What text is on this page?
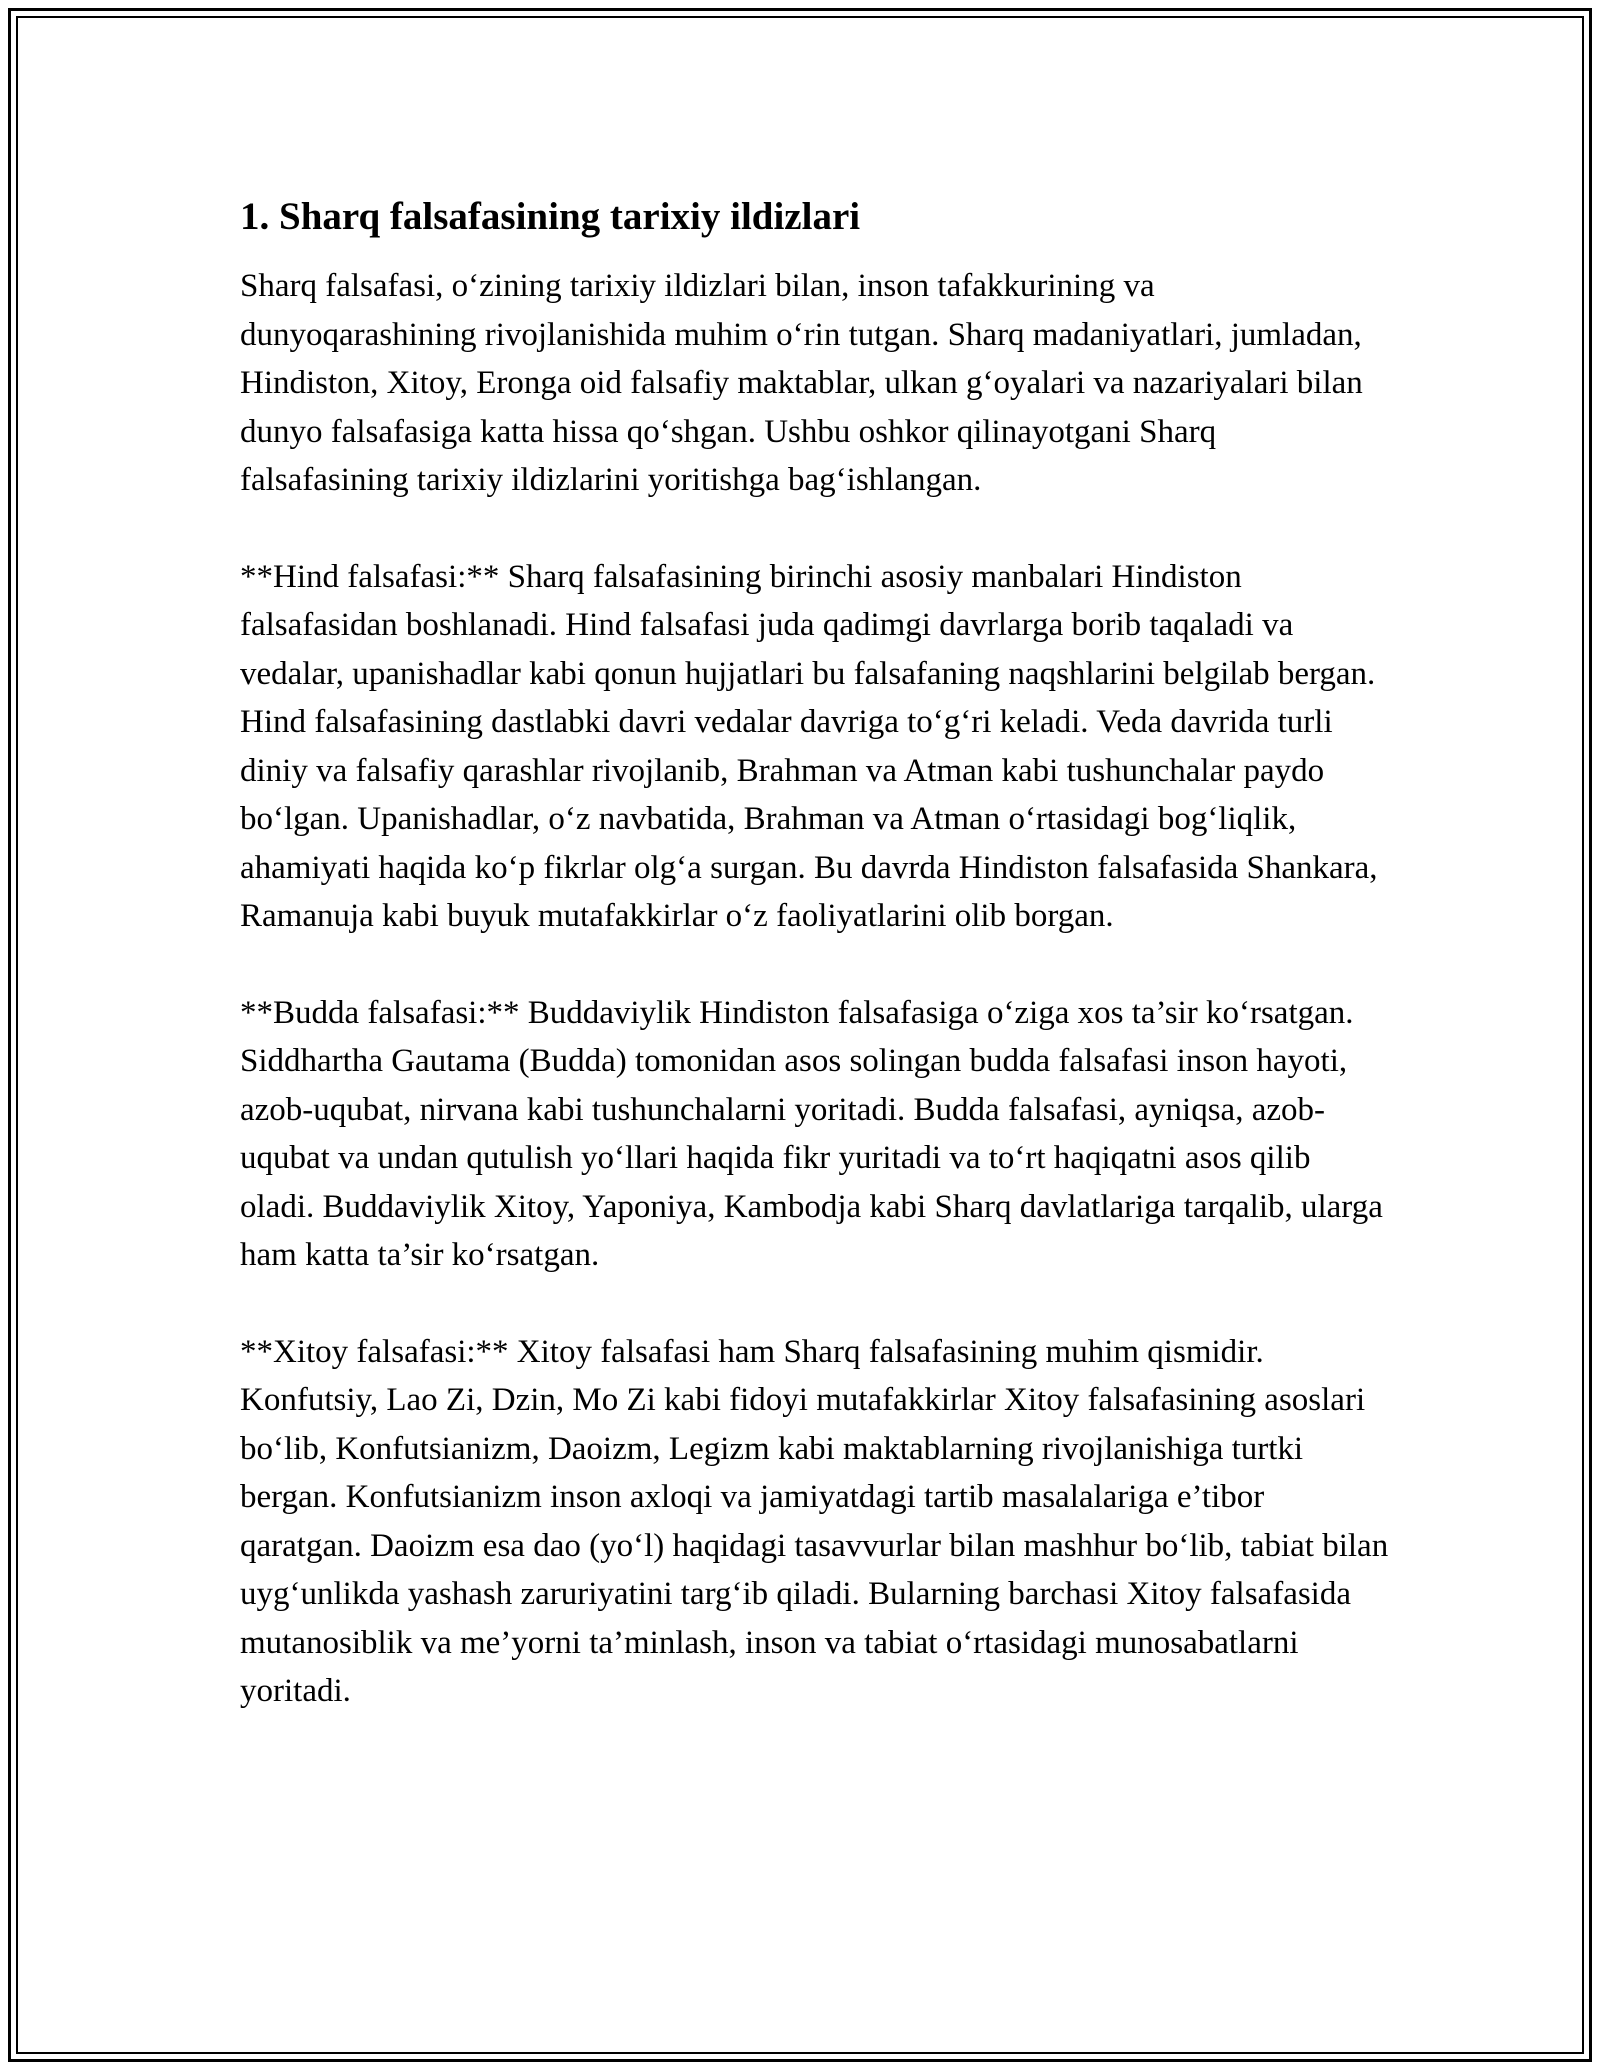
1. Sharq falsafasining tarixiy ildizlari

Sharq falsafasi, o‘zining tarixiy ildizlari bilan, inson tafakkurining va dunyoqarashining rivojlanishida muhim o‘rin tutgan. Sharq madaniyatlari, jumladan, Hindiston, Xitoy, Eronga oid falsafiy maktablar, ulkan g‘oyalari va nazariyalari bilan dunyo falsafasiga katta hissa qo‘shgan. Ushbu oshkor qilinayotgani Sharq falsafasining tarixiy ildizlarini yoritishga bag‘ishlangan.

**Hind falsafasi:** Sharq falsafasining birinchi asosiy manbalari Hindiston falsafasidan boshlanadi. Hind falsafasi juda qadimgi davrlarga borib taqaladi va vedalar, upanishadlar kabi qonun hujjatlari bu falsafaning naqshlarini belgilab bergan. Hind falsafasining dastlabki davri vedalar davriga to‘g‘ri keladi. Veda davrida turli diniy va falsafiy qarashlar rivojlanib, Brahman va Atman kabi tushunchalar paydo bo‘lgan. Upanishadlar, o‘z navbatida, Brahman va Atman o‘rtasidagi bog‘liqlik, ahamiyati haqida ko‘p fikrlar olg‘a surgan. Bu davrda Hindiston falsafasida Shankara, Ramanuja kabi buyuk mutafakkirlar o‘z faoliyatlarini olib borgan.

**Budda falsafasi:** Buddaviylik Hindiston falsafasiga o‘ziga xos ta’sir ko‘rsatgan. Siddhartha Gautama (Budda) tomonidan asos solingan budda falsafasi inson hayoti, azob-uqubat, nirvana kabi tushunchalarni yoritadi. Budda falsafasi, ayniqsa, azob-uqubat va undan qutulish yo‘llari haqida fikr yuritadi va to‘rt haqiqatni asos qilib oladi. Buddaviylik Xitoy, Yaponiya, Kambodja kabi Sharq davlatlariga tarqalib, ularga ham katta ta’sir ko‘rsatgan.

**Xitoy falsafasi:** Xitoy falsafasi ham Sharq falsafasining muhim qismidir. Konfutsiy, Lao Zi, Dzin, Mo Zi kabi fidoyi mutafakkirlar Xitoy falsafasining asoslari bo‘lib, Konfutsianizm, Daoizm, Legizm kabi maktablarning rivojlanishiga turtki bergan. Konfutsianizm inson axloqi va jamiyatdagi tartib masalalariga e’tibor qaratgan. Daoizm esa dao (yo‘l) haqidagi tasavvurlar bilan mashhur bo‘lib, tabiat bilan uyg‘unlikda yashash zaruriyatini targ‘ib qiladi. Bularning barchasi Xitoy falsafasida mutanosiblik va me’yorni ta’minlash, inson va tabiat o‘rtasidagi munosabatlarni yoritadi.
